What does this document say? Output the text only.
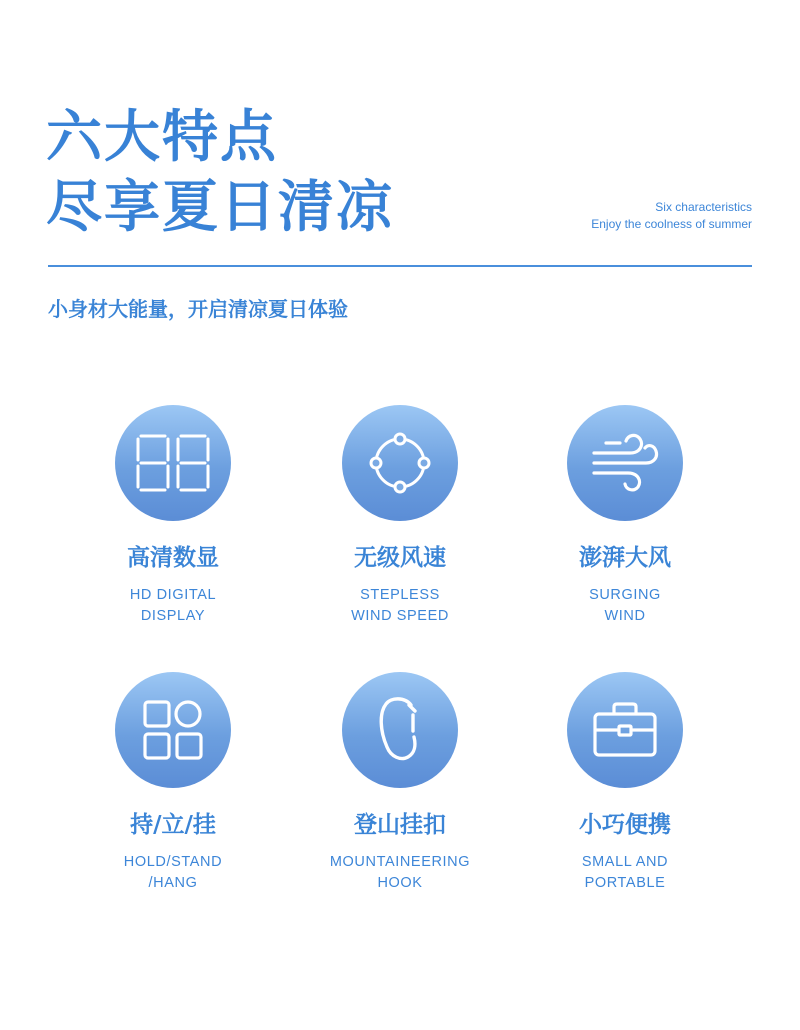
六大特点
尽享夏日清凉	Six characteristics
Enjoy the coolness of summer
小身材大能量，开启清凉夏日体验
高清数显
HD DIGITAL
DISPLAY
无级风速
STEPLESS
WIND SPEED
澎湃大风
SURGING
WIND
持/立/挂
HOLD/STAND
/HANG
登山挂扣
MOUNTAINEERING
HOOK
小巧便携
SMALL AND
PORTABLE
